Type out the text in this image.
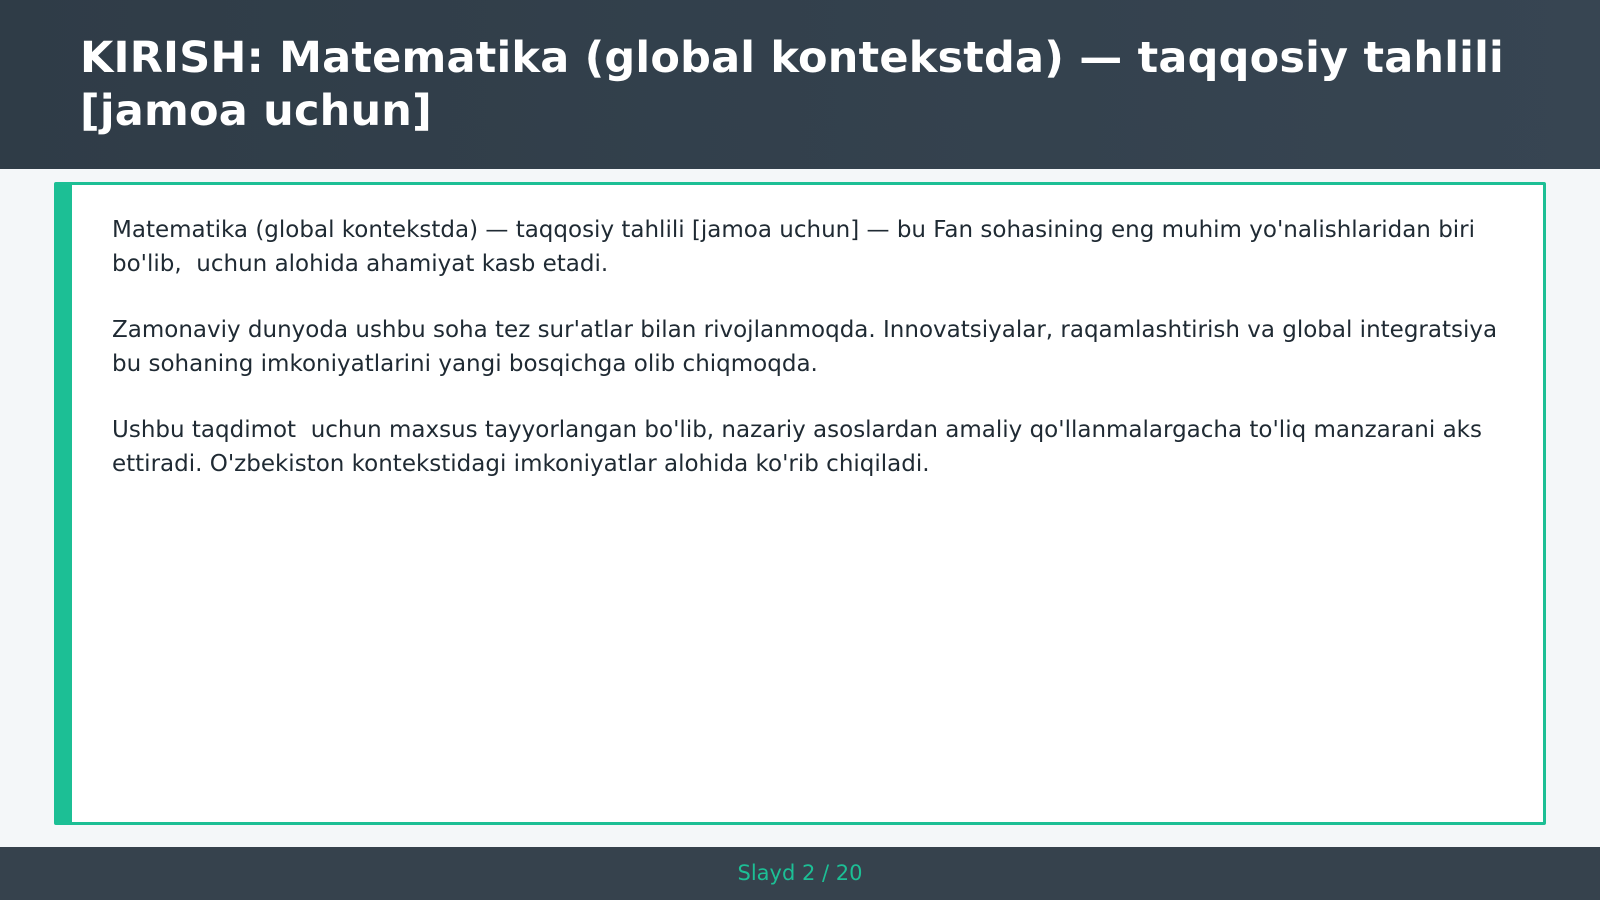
KIRISH: Matematika (global kontekstda) — taqqosiy tahlili [jamoa uchun]

Matematika (global kontekstda) — taqqosiy tahlili [jamoa uchun] — bu Fan sohasining eng muhim yo'nalishlaridan biri bo'lib,  uchun alohida ahamiyat kasb etadi.

Zamonaviy dunyoda ushbu soha tez sur'atlar bilan rivojlanmoqda. Innovatsiyalar, raqamlashtirish va global integratsiya bu sohaning imkoniyatlarini yangi bosqichga olib chiqmoqda.

Ushbu taqdimot  uchun maxsus tayyorlangan bo'lib, nazariy asoslardan amaliy qo'llanmalargacha to'liq manzarani aks ettiradi. O'zbekiston kontekstidagi imkoniyatlar alohida ko'rib chiqiladi.

Slayd 2 / 20
